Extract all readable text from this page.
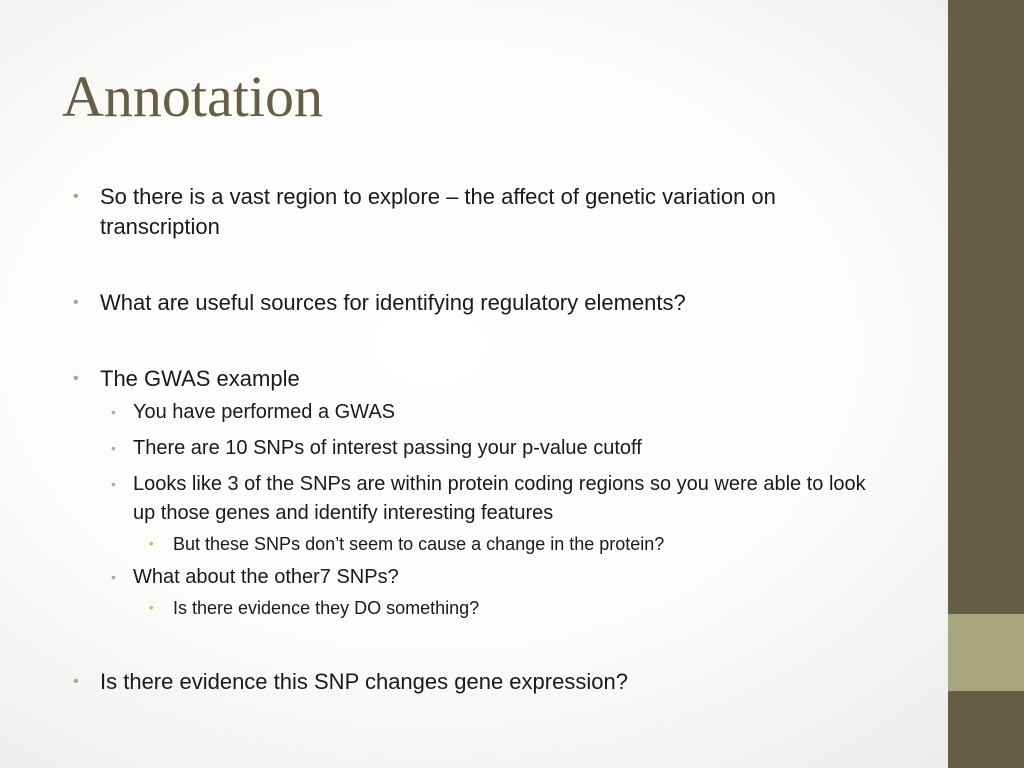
Annotation
• So there is a vast region to explore – the affect of genetic variation on transcription
• What are useful sources for identifying regulatory elements?
• The GWAS example
• You have performed a GWAS
• There are 10 SNPs of interest passing your p-value cutoff
• Looks like 3 of the SNPs are within protein coding regions so you were able to look up those genes and identify interesting features
• But these SNPs don’t seem to cause a change in the protein?
• What about the other7 SNPs?
• Is there evidence they DO something?
• Is there evidence this SNP changes gene expression?
